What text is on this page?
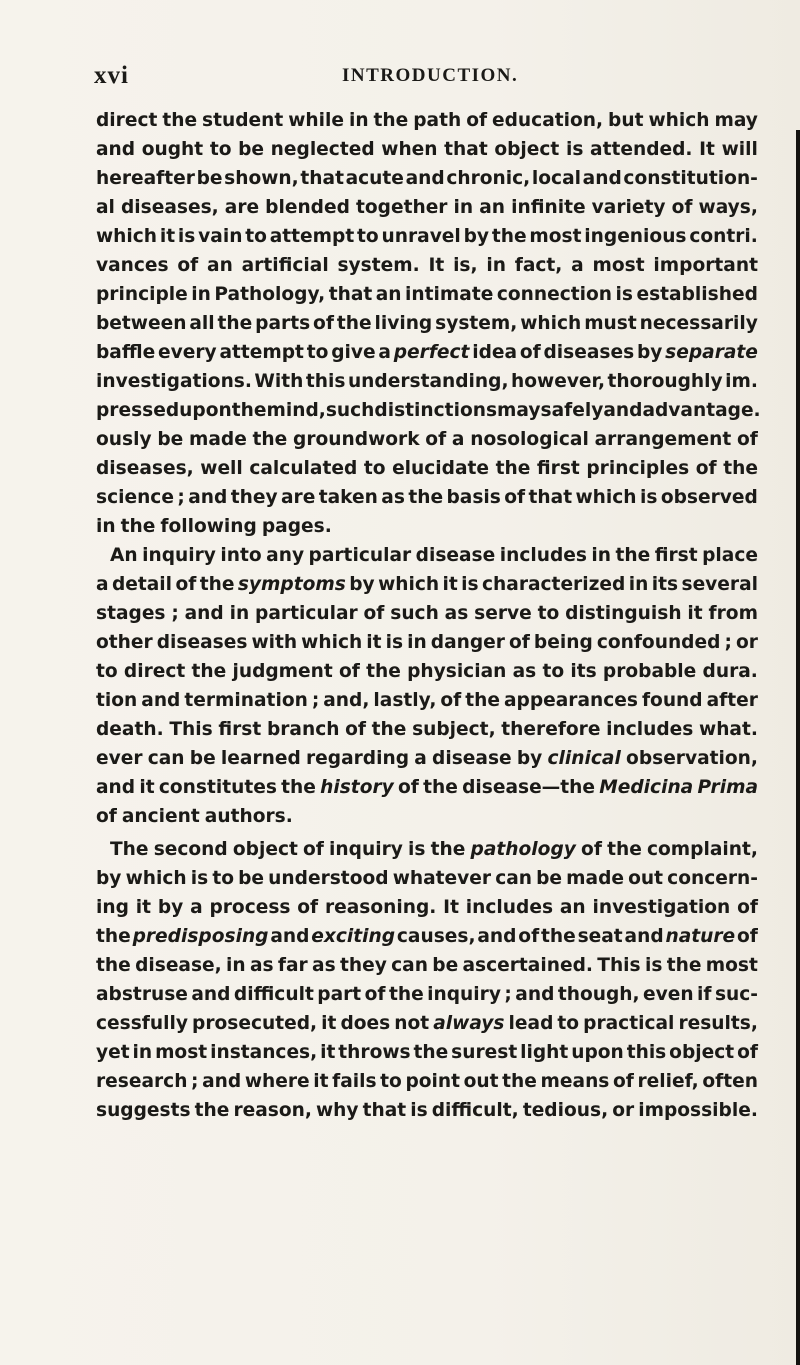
xvi	INTRODUCTION.
direct the student while in the path of education, but which may
and ought to be neglected when that object is attended. It will
hereafter be shown, that acute and chronic, local and constitution-
al diseases, are blended together in an infinite variety of ways,
which it is vain to attempt to unravel by the most ingenious contri.
vances of an artificial system. It is, in fact, a most important
principle in Pathology, that an intimate connection is established
between all the parts of the living system, which must necessarily
baffle every attempt to give a perfect idea of diseases by separate
investigations. With this understanding, however, thoroughly im.
pressed upon the mind, such distinctions may safely and advantage.
ously be made the groundwork of a nosological arrangement of
diseases, well calculated to elucidate the first principles of the
science ; and they are taken as the basis of that which is observed
in the following pages.
An inquiry into any particular disease includes in the first place
a detail of the symptoms by which it is characterized in its several
stages ; and in particular of such as serve to distinguish it from
other diseases with which it is in danger of being confounded ; or
to direct the judgment of the physician as to its probable dura.
tion and termination ; and, lastly, of the appearances found after
death. This first branch of the subject, therefore includes what.
ever can be learned regarding a disease by clinical observation,
and it constitutes the history of the disease—the Medicina Prima
of ancient authors.
The second object of inquiry is the pathology of the complaint,
by which is to be understood whatever can be made out concern-
ing it by a process of reasoning. It includes an investigation of
the predisposing and exciting causes, and of the seat and nature of
the disease, in as far as they can be ascertained. This is the most
abstruse and difficult part of the inquiry ; and though, even if suc-
cessfully prosecuted, it does not always lead to practical results,
yet in most instances, it throws the surest light upon this object of
research ; and where it fails to point out the means of relief, often
suggests the reason, why that is difficult, tedious, or impossible.
